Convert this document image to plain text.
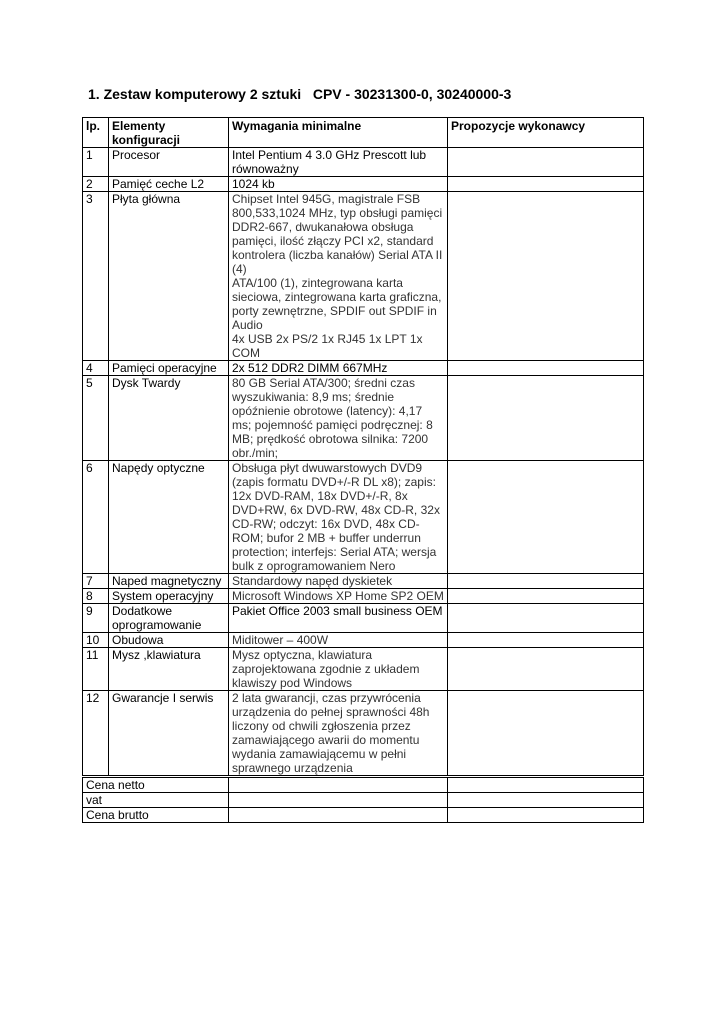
1. Zestaw komputerowy 2 sztuki   CPV - 30231300-0, 30240000-3
lp.	Elementy konfiguracji	Wymagania minimalne	Propozycje wykonawcy
1	Procesor	Intel Pentium 4 3.0 GHz Prescott lub równoważny	
2	Pamięć ceche L2	1024 kb	
3	Płyta główna	Chipset Intel 945G, magistrale FSB 800,533,1024 MHz, typ obsługi pamięci DDR2-667, dwukanałowa obsługa pamięci, ilość złączy PCI x2, standard kontrolera (liczba kanałów) Serial ATA II (4)
ATA/100 (1), zintegrowana karta sieciowa, zintegrowana karta graficzna, porty zewnętrzne, SPDIF out SPDIF in Audio
4x USB 2x PS/2 1x RJ45 1x LPT 1x COM	
4	Pamięci operacyjne	2x 512 DDR2 DIMM 667MHz	
5	Dysk Twardy	80 GB Serial ATA/300; średni czas wyszukiwania: 8,9 ms; średnie opóźnienie obrotowe (latency): 4,17 ms; pojemność pamięci podręcznej: 8 MB; prędkość obrotowa silnika: 7200 obr./min;	
6	Napędy optyczne	Obsługa płyt dwuwarstowych DVD9 (zapis formatu DVD+/-R DL x8); zapis: 12x DVD-RAM, 18x DVD+/-R, 8x DVD+RW, 6x DVD-RW, 48x CD-R, 32x CD-RW; odczyt: 16x DVD, 48x CD-ROM; bufor 2 MB + buffer underrun protection; interfejs: Serial ATA; wersja bulk z oprogramowaniem Nero	
7	Naped magnetyczny	Standardowy napęd dyskietek	
8	System operacyjny	Microsoft Windows XP Home SP2 OEM	
9	Dodatkowe oprogramowanie	Pakiet Office 2003 small business OEM	
10	Obudowa	Miditower – 400W	
11	Mysz ,klawiatura	Mysz optyczna, klawiatura zaprojektowana zgodnie z układem klawiszy pod Windows	
12	Gwarancje I serwis	2 lata gwarancji, czas przywrócenia urządzenia do pełnej sprawności 48h liczony od chwili zgłoszenia przez zamawiającego awarii do momentu wydania zamawiającemu w pełni sprawnego urządzenia	
Cena netto			
vat			
Cena brutto			
